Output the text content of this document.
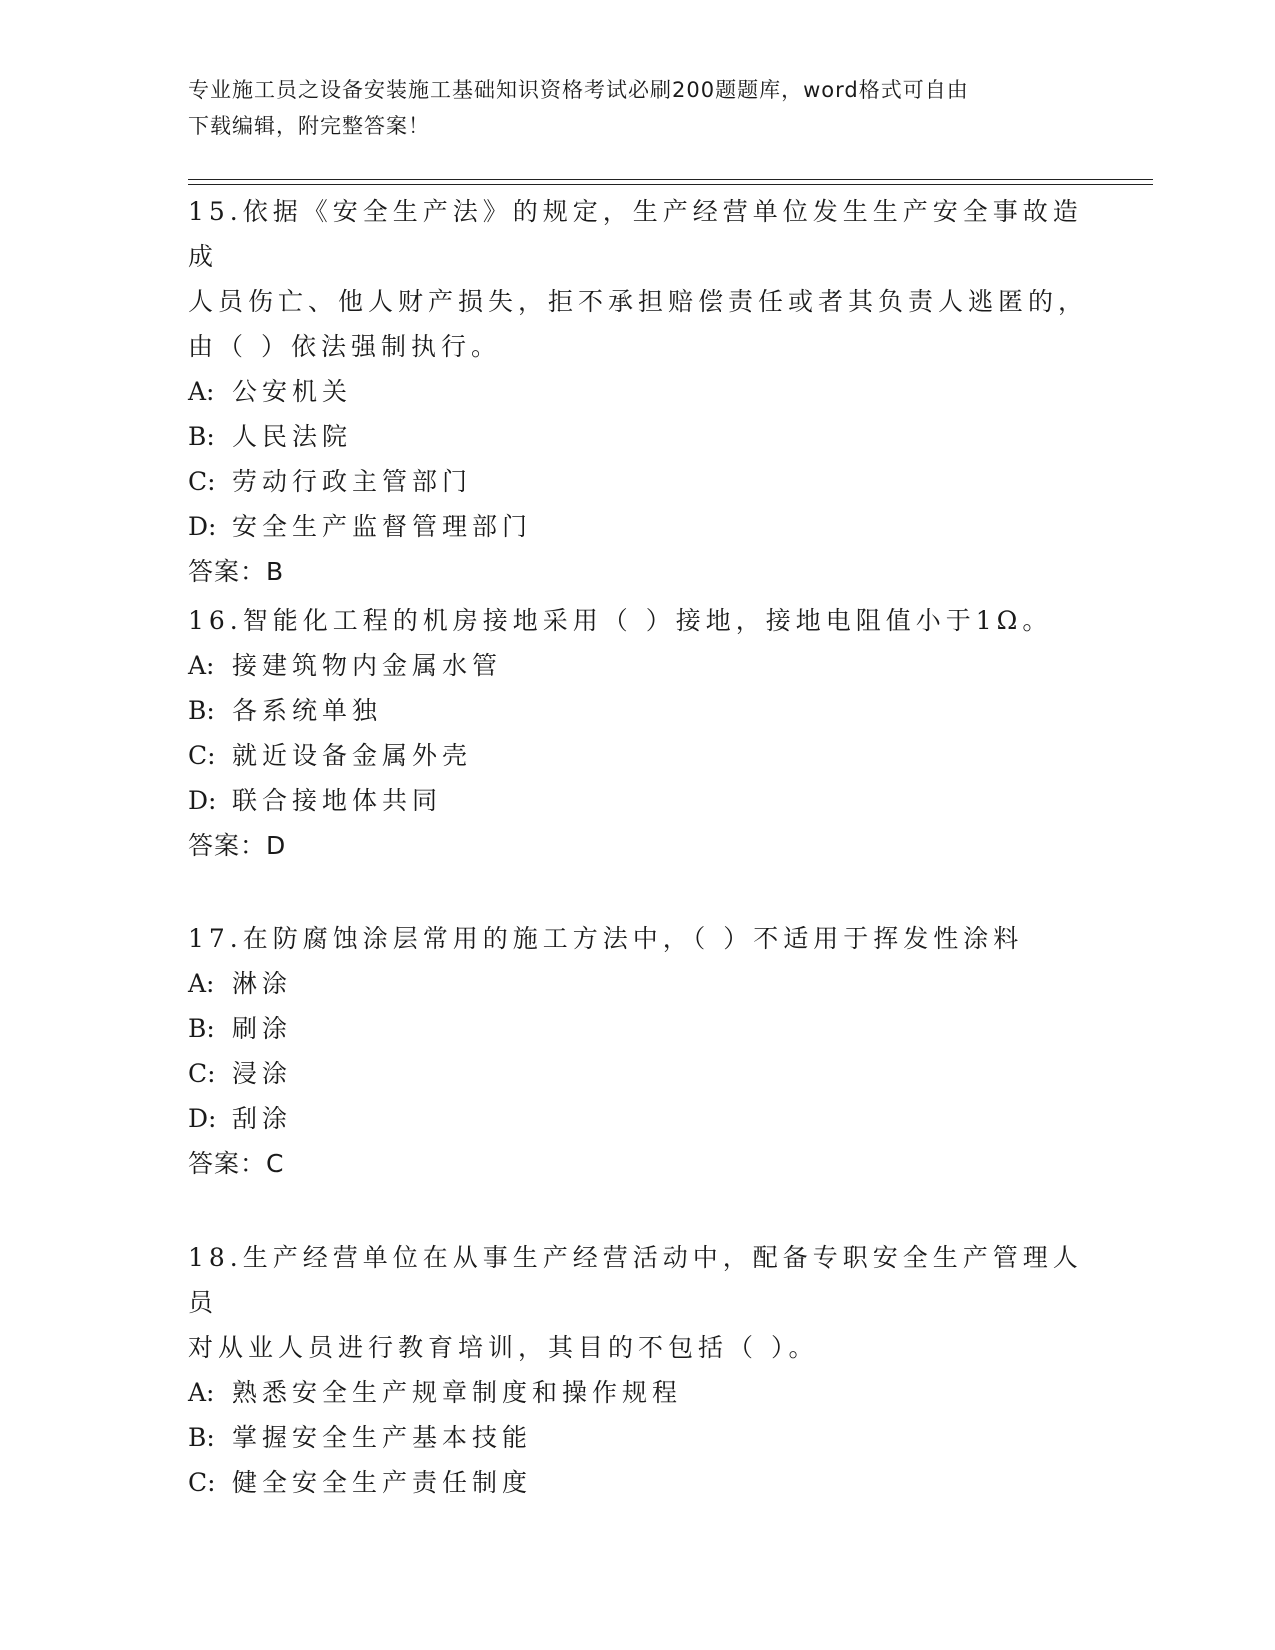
专业施工员之设备安装施工基础知识资格考试必刷200题题库，word格式可自由
下载编辑，附完整答案！

15.依据《安全生产法》的规定，生产经营单位发生生产安全事故造成

人员伤亡、他人财产损失，拒不承担赔偿责任或者其负责人逃匿的，

由（ ）依法强制执行。

A: 公安机关

B: 人民法院

C: 劳动行政主管部门

D: 安全生产监督管理部门

答案：B

16.智能化工程的机房接地采用（ ）接地，接地电阻值小于1Ω。

A: 接建筑物内金属水管

B: 各系统单独

C: 就近设备金属外壳

D: 联合接地体共同

答案：D

17.在防腐蚀涂层常用的施工方法中，（ ）不适用于挥发性涂料

A: 淋涂

B: 刷涂

C: 浸涂

D: 刮涂

答案：C

18.生产经营单位在从事生产经营活动中，配备专职安全生产管理人员

对从业人员进行教育培训，其目的不包括（ ）。

A: 熟悉安全生产规章制度和操作规程

B: 掌握安全生产基本技能

C: 健全安全生产责任制度
